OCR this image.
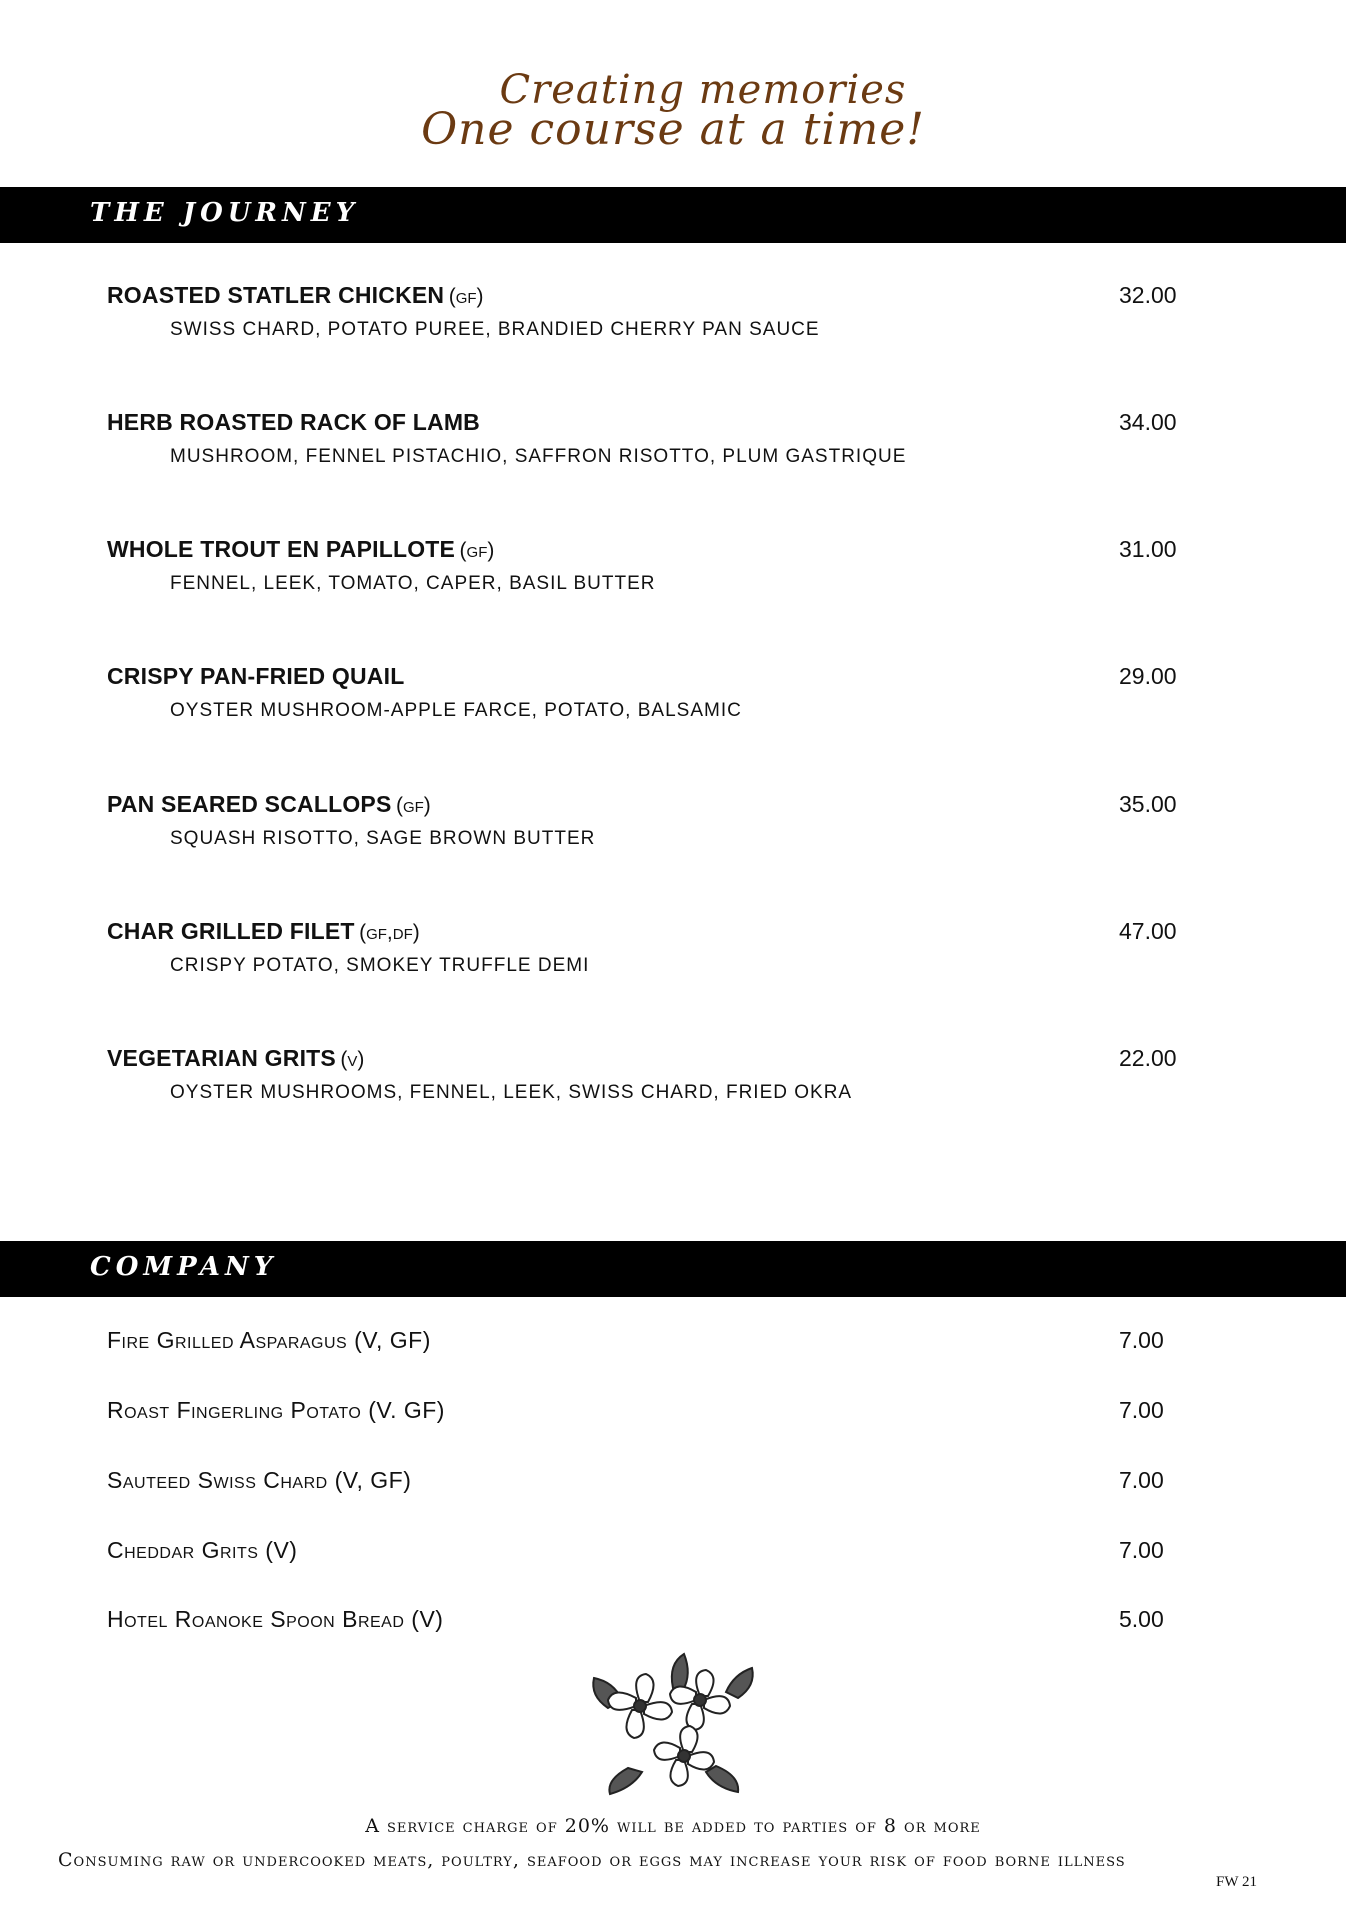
Creating memories
One course at a time!
THE JOURNEY
ROASTED STATLER CHICKEN (gf)
SWISS CHARD, POTATO PUREE, BRANDIED CHERRY PAN SAUCE
32.00
HERB ROASTED RACK OF LAMB
MUSHROOM, FENNEL PISTACHIO, SAFFRON RISOTTO, PLUM GASTRIQUE
34.00
WHOLE TROUT EN PAPILLOTE (gf)
FENNEL, LEEK, TOMATO, CAPER, BASIL BUTTER
31.00
CRISPY PAN-FRIED QUAIL
OYSTER MUSHROOM-APPLE FARCE, POTATO, BALSAMIC
29.00
PAN SEARED SCALLOPS (gf)
SQUASH RISOTTO, SAGE BROWN BUTTER
35.00
CHAR GRILLED FILET (gf,df)
CRISPY POTATO, SMOKEY TRUFFLE DEMI
47.00
VEGETARIAN GRITS (v)
OYSTER MUSHROOMS, FENNEL, LEEK, SWISS CHARD, FRIED OKRA
22.00
COMPANY
Fire Grilled Asparagus (V, GF)	7.00
Roast Fingerling Potato (V. GF)	7.00
Sauteed Swiss Chard (V, GF)	7.00
Cheddar Grits (V)	7.00
Hotel Roanoke Spoon Bread (V)	5.00
A service charge of 20% will be added to parties of 8 or more
Consuming raw or undercooked meats, poultry, seafood or eggs may increase your risk of food borne illness
FW 21
